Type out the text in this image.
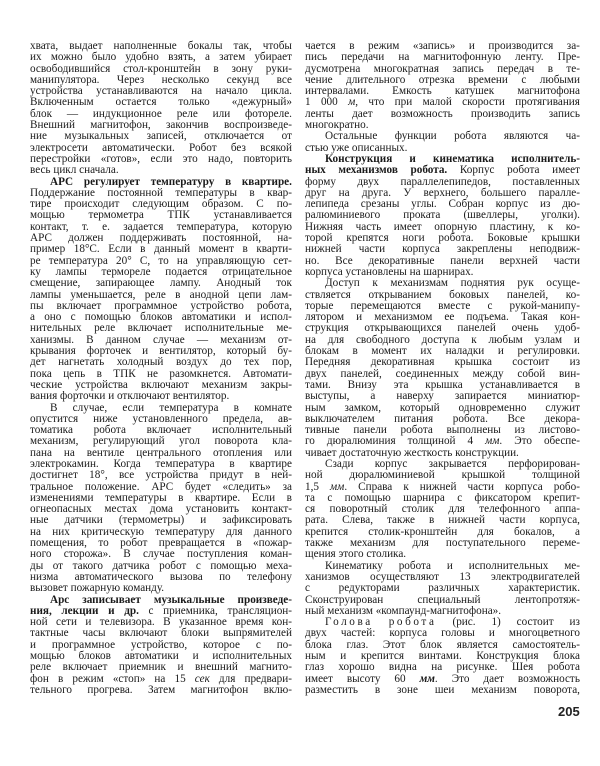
хвата, выдает наполненные бокалы так, чтобы
их можно было удобно взять, а затем убирает
освободившийся стол-кронштейн в зону руки-
манипулятора. Через несколько секунд все
устройства устанавливаются на начало цикла.
Включенным остается только «дежурный»
блок — индукционное реле или фотореле.
Внешний магнитофон, закончив воспроизведе-
ние музыкальных записей, отключается от
электросети автоматически. Робот без всякой
перестройки «готов», если это надо, повторить
весь цикл сначала.
АРС регулирует температуру в квартире.
Поддержание постоянной температуры в квар-
тире происходит следующим образом. С по-
мощью термометра ТПК устанавливается
контакт, т. е. задается температура, которую
АРС должен поддерживать постоянной, на-
пример 18°С. Если в данный момент в кварти-
ре температура 20° С, то на управляющую сет-
ку лампы термореле подается отрицательное
смещение, запирающее лампу. Анодный ток
лампы уменьшается, реле в анодной цепи лам-
пы включает программное устройство робота,
а оно с помощью блоков автоматики и испол-
нительных реле включает исполнительные ме-
ханизмы. В данном случае — механизм от-
крывания форточек и вентилятор, который бу-
дет нагнетать холодный воздух до тех пор,
пока цепь в ТПК не разомкнется. Автомати-
ческие устройства включают механизм закры-
вания форточки и отключают вентилятор.
В случае, если температура в комнате
опустится ниже установленного предела, ав-
томатика робота включает исполнительный
механизм, регулирующий угол поворота кла-
пана на вентиле центрального отопления или
электрокамин. Когда температура в квартире
достигнет 18°, все устройства придут в ней-
тральное положение. АРС будет «следить» за
изменениями температуры в квартире. Если в
огнеопасных местах дома установить контакт-
ные датчики (термометры) и зафиксировать
на них критическую температуру для данного
помещения, то робот превращается в «пожар-
ного сторожа». В случае поступления коман-
ды от такого датчика робот с помощью меха-
низма автоматического вызова по телефону
вызовет пожарную команду.
Арс записывает музыкальные произведе-
ния, лекции и др. с приемника, трансляцион-
ной сети и телевизора. В указанное время кон-
тактные часы включают блоки выпрямителей
и программное устройство, которое с по-
мощью блоков автоматики и исполнительных
реле включает приемник и внешний магнито-
фон в режим «стоп» на 15 сек для предвари-
тельного прогрева. Затем магнитофон вклю-
чается в режим «запись» и производится за-
пись передачи на магнитофонную ленту. Пре-
дусмотрена многократная запись передач в те-
чение длительного отрезка времени с любыми
интервалами. Емкость катушек магнитофона
1 000 м, что при малой скорости протягивания
ленты дает возможность производить запись
многократно.
Остальные функции робота являются ча-
стью уже описанных.
Конструкция и кинематика исполнитель-
ных механизмов робота. Корпус робота имеет
форму двух параллелепипедов, поставленных
друг на друга. У верхнего, большего паралле-
лепипеда срезаны углы. Собран корпус из дю-
ралюминиевого проката (швеллеры, уголки).
Нижняя часть имеет опорную пластину, к ко-
торой крепятся ноги робота. Боковые крышки
нижней части корпуса закреплены неподвиж-
но. Все декоративные панели верхней части
корпуса установлены на шарнирах.
Доступ к механизмам поднятия рук осуще-
ствляется открыванием боковых панелей, ко-
торые перемещаются вместе с рукой-манипу-
лятором и механизмом ее подъема. Такая кон-
струкция открывающихся панелей очень удоб-
на для свободного доступа к любым узлам и
блокам в момент их наладки и регулировки.
Передняя декоративная крышка состоит из
двух панелей, соединенных между собой вин-
тами. Внизу эта крышка устанавливается в
выступы, а наверху запирается миниатюр-
ным замком, который одновременно служит
выключателем питания робота. Все декора-
тивные панели робота выполнены из листово-
го дюралюминия толщиной 4 мм. Это обеспе-
чивает достаточную жесткость конструкции.
Сзади корпус закрывается перфорирован-
ной дюралюминиевой крышкой толщиной
1,5 мм. Справа к нижней части корпуса робо-
та с помощью шарнира с фиксатором крепит-
ся поворотный столик для телефонного аппа-
рата. Слева, также в нижней части корпуса,
крепится столик-кронштейн для бокалов, а
также механизм для поступательного переме-
щения этого столика.
Кинематику робота и исполнительных ме-
ханизмов осуществляют 13 электродвигателей
с	редукторами	различных	характеристик.
Сконструирован	специальный	лентопротяж-
ный механизм «компаунд-магнитофона».
Голова робота (рис. 1) состоит из
двух частей: корпуса головы и многоцветного
блока глаз. Этот блок является самостоятель-
ным и крепится винтами. Конструкция блока
глаз хорошо видна на рисунке. Шея робота
имеет высоту 60 мм. Это дает возможность
разместить в зоне шеи механизм поворота,
205
